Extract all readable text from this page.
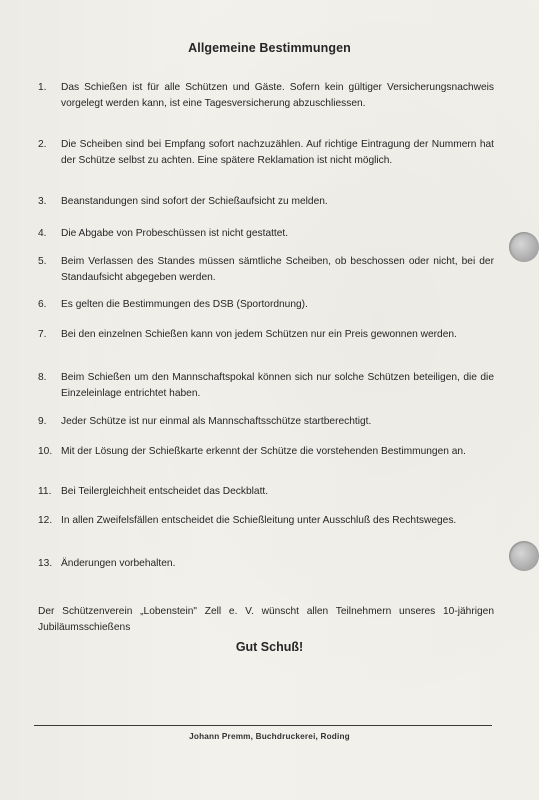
Allgemeine Bestimmungen
1.	Das Schießen ist für alle Schützen und Gäste. Sofern kein gültiger Versicherungsnachweis vorgelegt werden kann, ist eine Tagesversicherung abzuschliessen.
2.	Die Scheiben sind bei Empfang sofort nachzuzählen. Auf richtige Eintragung der Nummern hat der Schütze selbst zu achten. Eine spätere Reklamation ist nicht möglich.
3.	Beanstandungen sind sofort der Schießaufsicht zu melden.
4.	Die Abgabe von Probeschüssen ist nicht gestattet.
5.	Beim Verlassen des Standes müssen sämtliche Scheiben, ob beschossen oder nicht, bei der Standaufsicht abgegeben werden.
6.	Es gelten die Bestimmungen des DSB (Sportordnung).
7.	Bei den einzelnen Schießen kann von jedem Schützen nur ein Preis gewonnen werden.
8.	Beim Schießen um den Mannschaftspokal können sich nur solche Schützen beteiligen, die die Einzeleinlage entrichtet haben.
9.	Jeder Schütze ist nur einmal als Mannschaftsschütze startberechtigt.
10. Mit der Lösung der Schießkarte erkennt der Schütze die vorstehenden Bestimmungen an.
11. Bei Teilergleichheit entscheidet das Deckblatt.
12. In allen Zweifelsfällen entscheidet die Schießleitung unter Ausschluß des Rechtsweges.
13. Änderungen vorbehalten.
Der Schützenverein „Lobenstein" Zell e. V. wünscht allen Teilnehmern unseres 10-jährigen Jubiläumsschießens
Gut Schuß!
Johann Premm, Buchdruckerei, Roding
